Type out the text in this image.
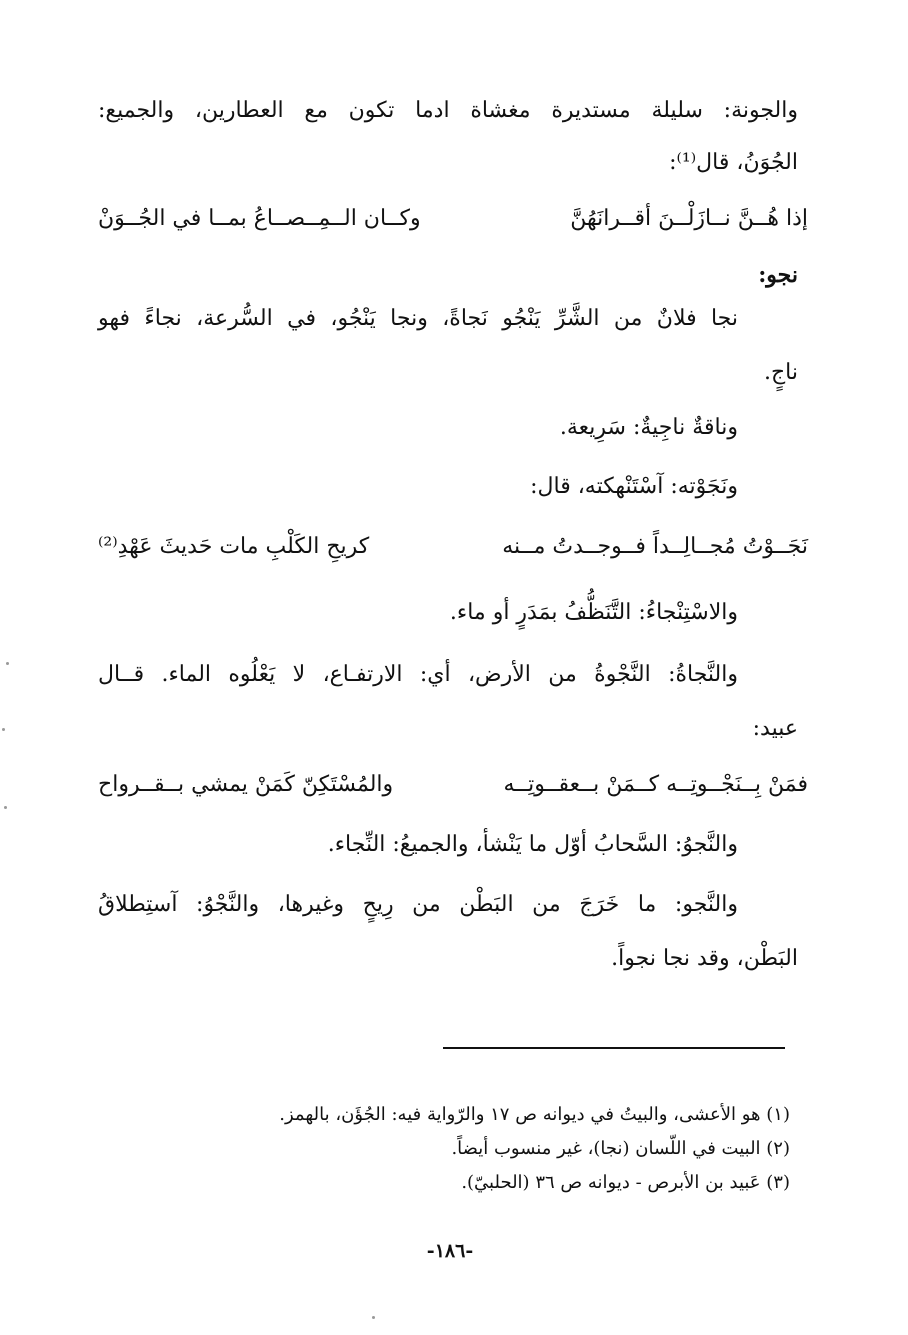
والجونة: سليلة مستديرة مغشاة ادما تكون مع العطارين، والجميع:
الجُوَنُ، قال⁽¹⁾:
إذا هُــنَّ نــازَلْــنَ أقــرانَهُنَّ
وكــان الــمِــصــاعُ بمــا في الجُــوَنْ
نجو:
نجا فلانٌ من الشَّرِّ يَنْجُو نَجاةً، ونجا يَنْجُو، في السُّرعة، نجاءً فهو
ناجٍ.
وناقةٌ ناجِيةٌ: سَرِيعة.
ونَجَوْته: آسْتَنْهكته، قال:
نَجَــوْتُ مُجــالِــداً فــوجــدتُ مــنه
كريحِ الكَلْبِ مات حَديثَ عَهْدِ⁽²⁾
والاسْتِنْجاءُ: التَّنَظُّفُ بمَدَرٍ أو ماء.
والنَّجاةُ: النَّجْوةُ من الأرض، أي: الارتفـاع، لا يَعْلُوه الماء. قــال
عبيد:
فمَنْ بِــنَجْــوتِــه كــمَنْ بــعقــوتِــه
والمُسْتَكِنّ كَمَنْ يمشي بــقــرواح
والنَّجوُ: السَّحابُ أوّل ما يَنْشأ، والجميعُ: النِّجاء.
والنَّجو: ما خَرَجَ من البَطْن من رِيحٍ وغيرها، والنَّجْوُ: آستِطلاقُ
البَطْن، وقد نجا نجواً.
(١) هو الأعشى، والبيتُ في ديوانه ص ١٧ والرّواية فيه: الجُؤَن، بالهمز.
(٢) البيت في اللّسان (نجا)، غير منسوب أيضاً.
(٣) عَبيد بن الأبرص - ديوانه ص ٣٦ (الحلبيّ).
-١٨٦-
